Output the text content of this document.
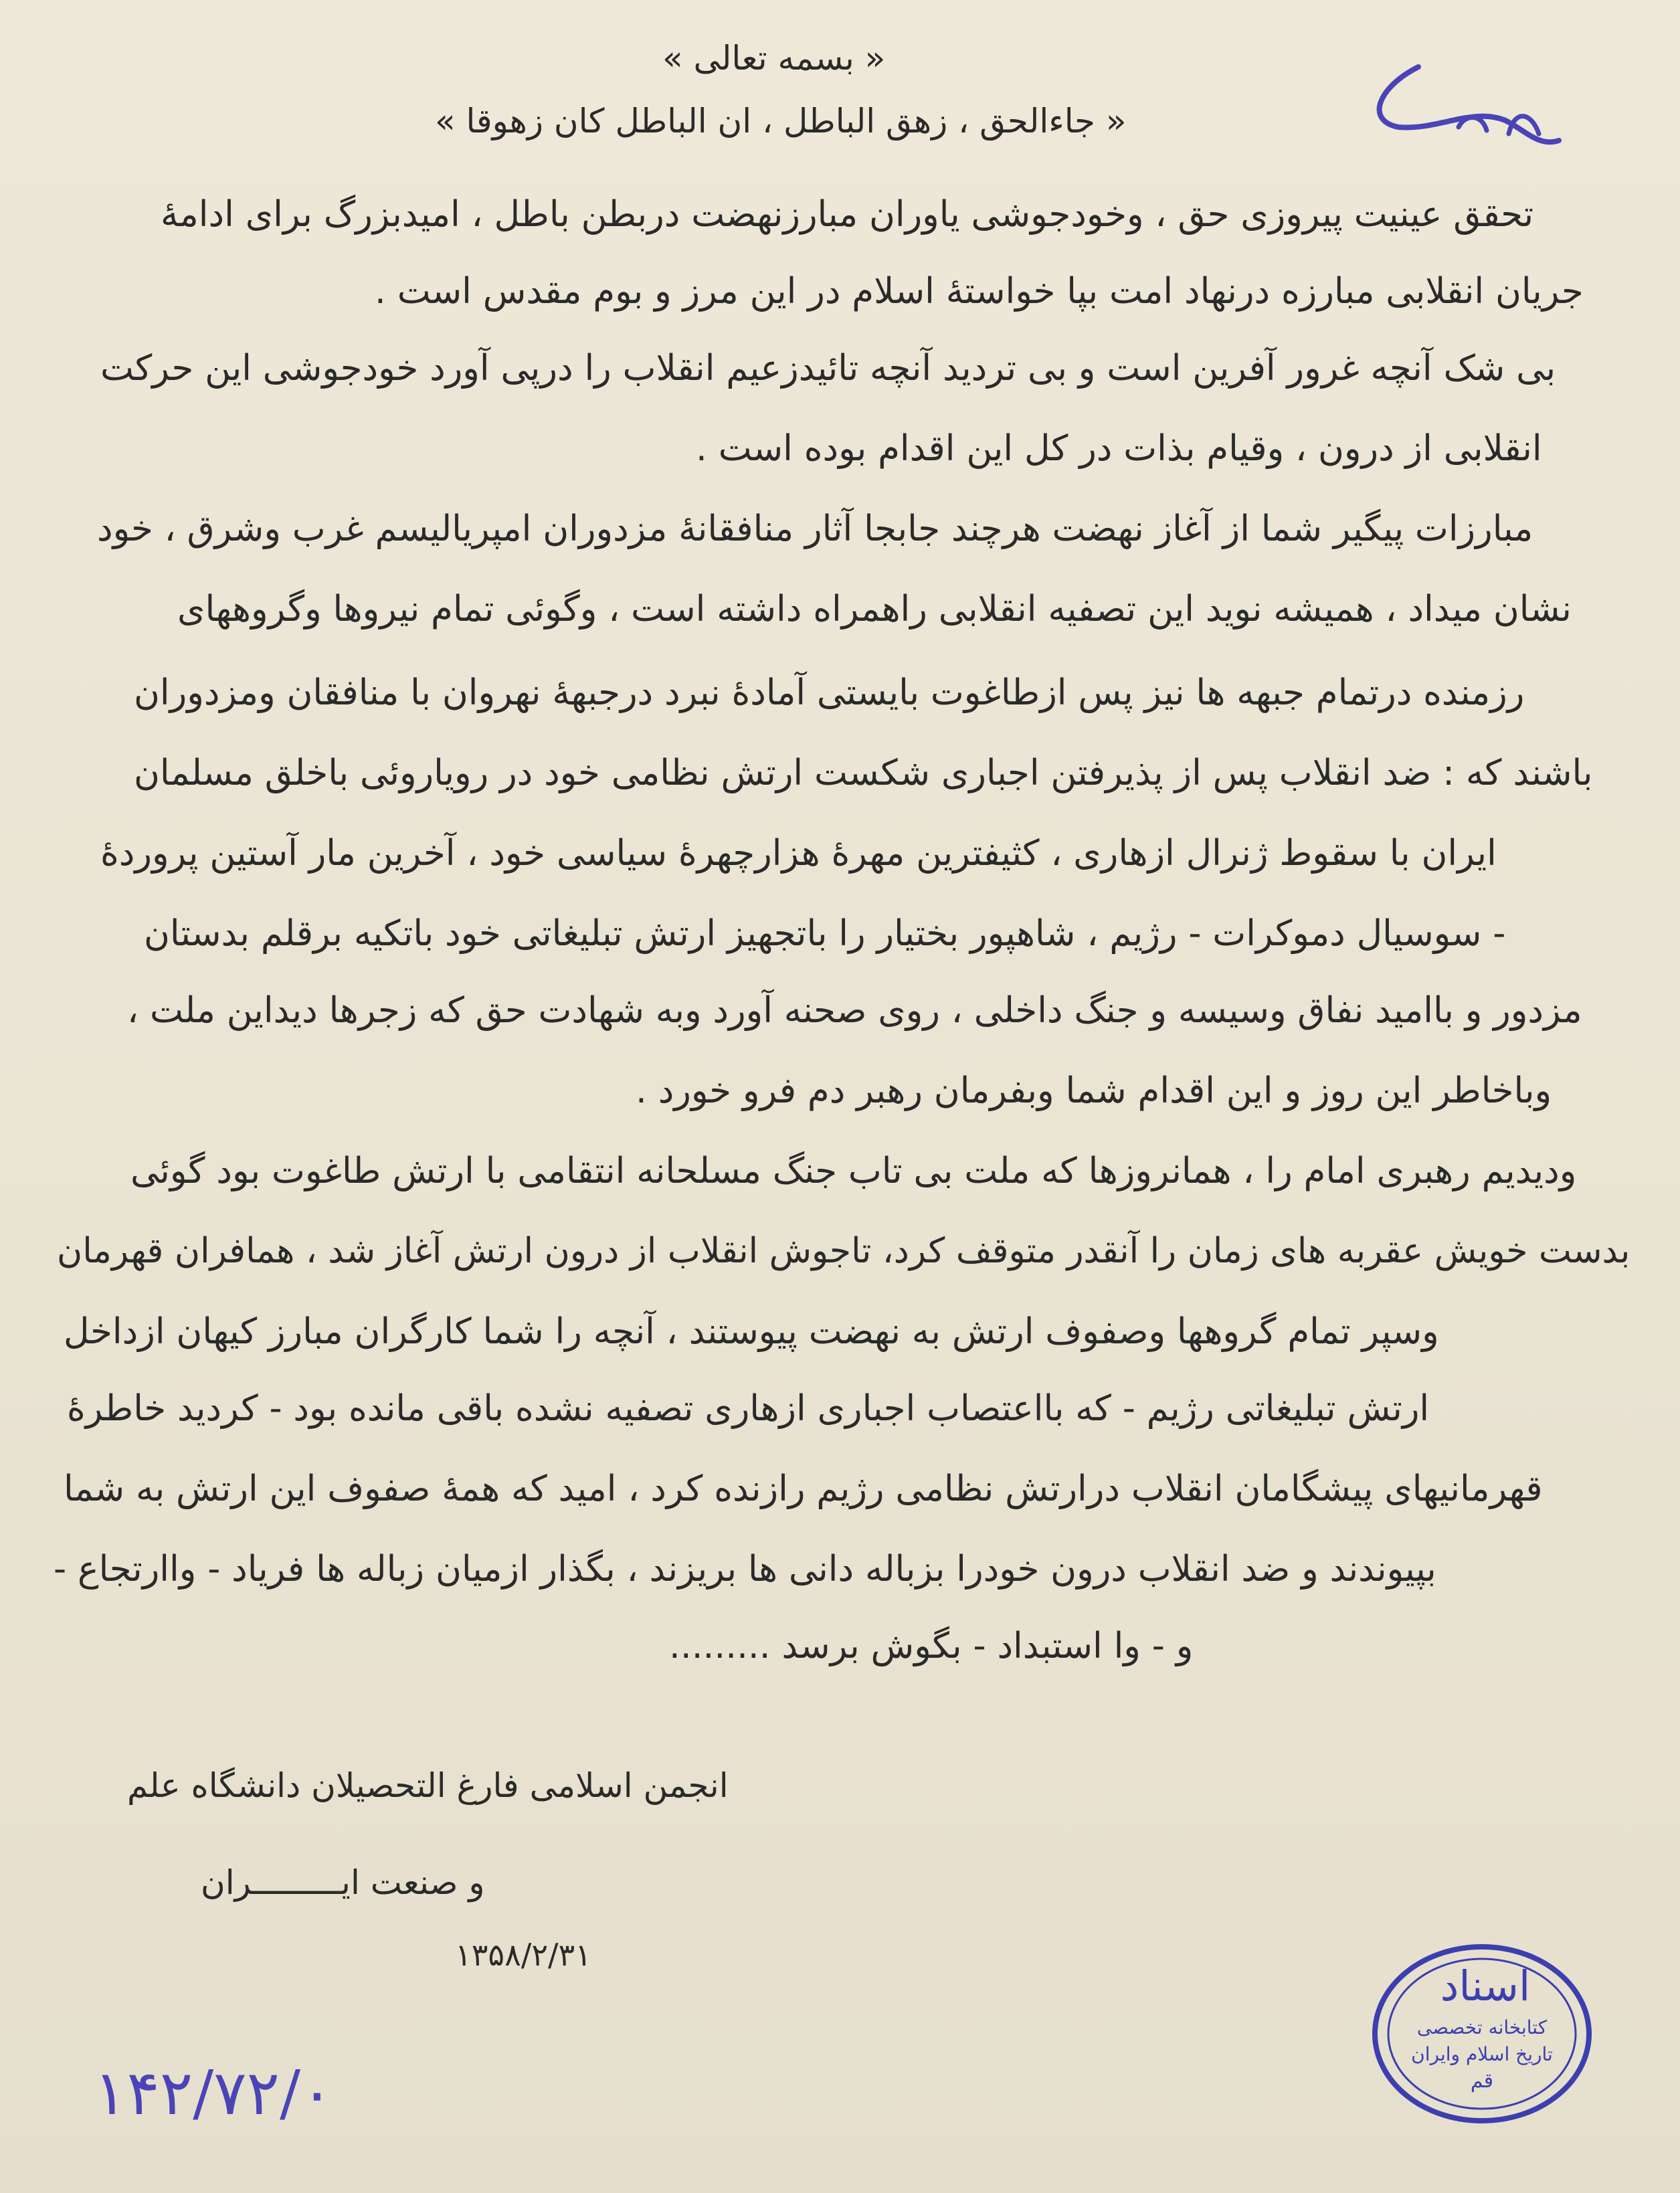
« بسمه تعالی »
« جاءالحق ، زهق الباطل ، ان الباطل کان زهوقا »
تحقق عینیت پیروزی حق ، وخودجوشی یاوران مبارزنهضت دربطن باطل ، امیدبزرگ برای ادامهٔ
جریان انقلابی مبارزه درنهاد امت بپا خواستهٔ اسلام در این مرز و بوم مقدس است .
بی شک آنچه غرور آفرین است و بی تردید آنچه تائیدزعیم انقلاب را درپی آورد خودجوشی این حرکت
انقلابی از درون ، وقیام بذات در کل این اقدام بوده است .
مبارزات پیگیر شما از آغاز نهضت هرچند جابجا آثار منافقانهٔ مزدوران امپریالیسم غرب وشرق ، خود
نشان میداد ، همیشه نوید این تصفیه انقلابی راهمراه داشته است ، وگوئی تمام نیروها وگروههای
رزمنده درتمام جبهه ها نیز پس ازطاغوت بایستی آمادهٔ نبرد درجبههٔ نهروان با منافقان ومزدوران
باشند که : ضد انقلاب پس از پذیرفتن اجباری شکست ارتش نظامی خود در رویاروئی باخلق مسلمان
ایران با سقوط ژنرال ازهاری ، کثیفترین مهرهٔ هزارچهرهٔ سیاسی خود ، آخرین مار آستین پروردهٔ
- سوسیال دموکرات - رژیم ، شاهپور بختیار را باتجهیز ارتش تبلیغاتی خود باتکیه برقلم بدستان
مزدور و باامید نفاق وسیسه و جنگ داخلی ، روی صحنه آورد وبه شهادت حق که زجرها دیداین ملت ،
وباخاطر این روز و این اقدام شما وبفرمان رهبر دم فرو خورد .
ودیدیم رهبری امام را ، همانروزها که ملت بی تاب جنگ مسلحانه انتقامی با ارتش طاغوت بود گوئی
بدست خویش عقربه های زمان را آنقدر متوقف کرد، تاجوش انقلاب از درون ارتش آغاز شد ، همافران قهرمان
وسپر تمام گروهها وصفوف ارتش به نهضت پیوستند ، آنچه را شما کارگران مبارز کیهان ازداخل
ارتش تبلیغاتی رژیم - که بااعتصاب اجباری ازهاری تصفیه نشده باقی مانده بود - کردید خاطرهٔ
قهرمانیهای پیشگامان انقلاب درارتش نظامی رژیم رازنده کرد ، امید که همهٔ صفوف این ارتش به شما
بپیوندند و ضد انقلاب درون خودرا بزباله دانی ها بریزند ، بگذار ازمیان زباله ها فریاد - واارتجاع -
و - وا استبداد - بگوش برسد .........
انجمن اسلامی فارغ التحصیلان دانشگاه علم
و صنعت ایـــــــــران
۱۳۵۸/۲/۳۱
اسناد
کتابخانه تخصصی
تاریخ اسلام وایران
قم
۱۴۲/۷۲/۰
